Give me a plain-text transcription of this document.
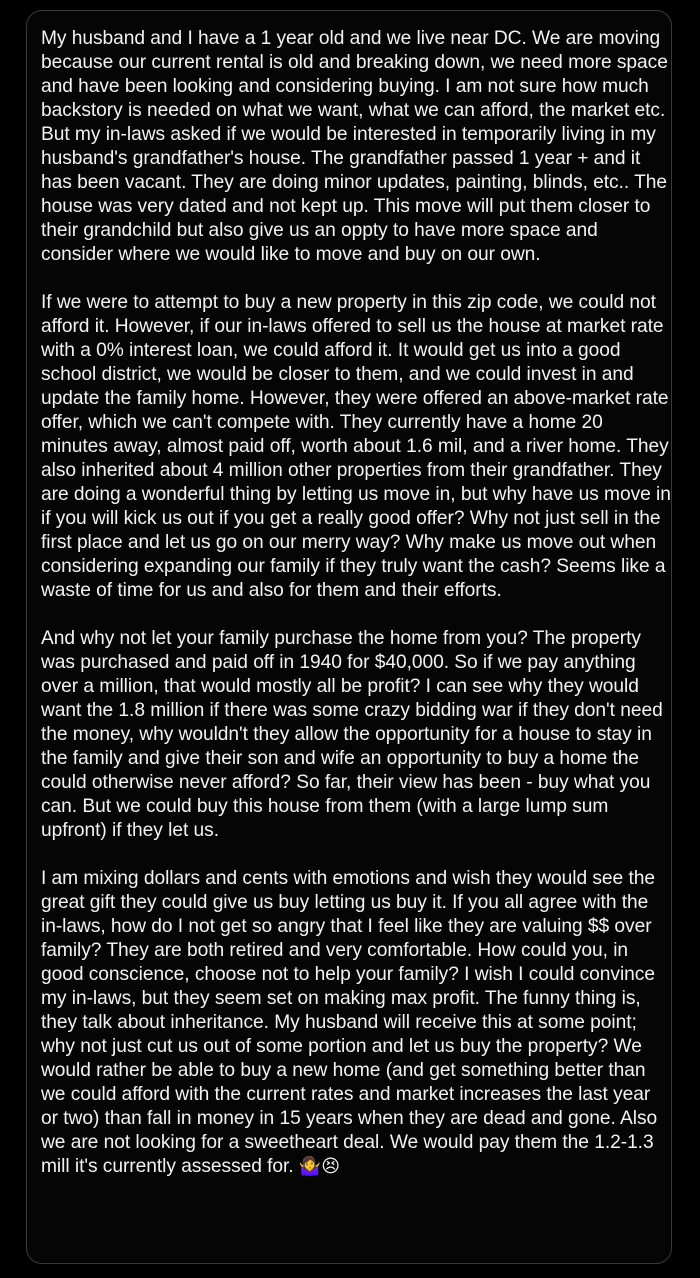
My husband and I have a 1 year old and we live near DC. We are moving because our current rental is old and breaking down, we need more space and have been looking and considering buying. I am not sure how much backstory is needed on what we want, what we can afford, the market etc. But my in-laws asked if we would be interested in temporarily living in my husband's grandfather's house. The grandfather passed 1 year + and it has been vacant. They are doing minor updates, painting, blinds, etc.. The house was very dated and not kept up. This move will put them closer to their grandchild but also give us an oppty to have more space and consider where we would like to move and buy on our own.

If we were to attempt to buy a new property in this zip code, we could not afford it. However, if our in-laws offered to sell us the house at market rate with a 0% interest loan, we could afford it. It would get us into a good school district, we would be closer to them, and we could invest in and update the family home. However, they were offered an above-market rate offer, which we can't compete with. They currently have a home 20 minutes away, almost paid off, worth about 1.6 mil, and a river home. They also inherited about 4 million other properties from their grandfather. They are doing a wonderful thing by letting us move in, but why have us move in if you will kick us out if you get a really good offer? Why not just sell in the first place and let us go on our merry way? Why make us move out when considering expanding our family if they truly want the cash? Seems like a waste of time for us and also for them and their efforts.

And why not let your family purchase the home from you? The property was purchased and paid off in 1940 for $40,000. So if we pay anything over a million, that would mostly all be profit? I can see why they would want the 1.8 million if there was some crazy bidding war if they don't need the money, why wouldn't they allow the opportunity for a house to stay in the family and give their son and wife an opportunity to buy a home the could otherwise never afford? So far, their view has been - buy what you can. But we could buy this house from them (with a large lump sum upfront) if they let us.

I am mixing dollars and cents with emotions and wish they would see the great gift they could give us buy letting us buy it. If you all agree with the in-laws, how do I not get so angry that I feel like they are valuing $$ over family? They are both retired and very comfortable. How could you, in good conscience, choose not to help your family? I wish I could convince my in-laws, but they seem set on making max profit. The funny thing is, they talk about inheritance. My husband will receive this at some point; why not just cut us out of some portion and let us buy the property? We would rather be able to buy a new home (and get something better than we could afford with the current rates and market increases the last year or two) than fall in money in 15 years when they are dead and gone. Also we are not looking for a sweetheart deal. We would pay them the 1.2-1.3 mill it's currently assessed for. 🤷‍♀️😣
